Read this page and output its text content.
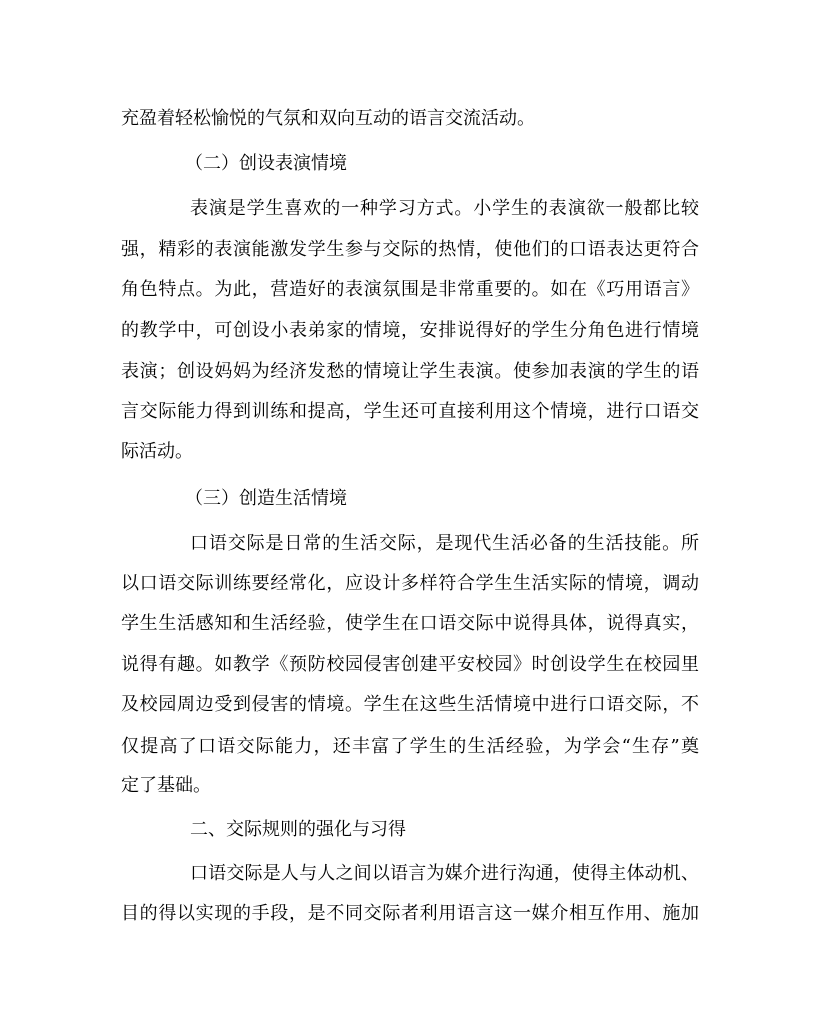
充盈着轻松愉悦的气氛和双向互动的语言交流活动。
（二）创设表演情境
表演是学生喜欢的一种学习方式。小学生的表演欲一般都比较
强，精彩的表演能激发学生参与交际的热情，使他们的口语表达更符合
角色特点。为此，营造好的表演氛围是非常重要的。如在《巧用语言》
的教学中，可创设小表弟家的情境，安排说得好的学生分角色进行情境
表演；创设妈妈为经济发愁的情境让学生表演。使参加表演的学生的语
言交际能力得到训练和提高，学生还可直接利用这个情境，进行口语交
际活动。
（三）创造生活情境
口语交际是日常的生活交际，是现代生活必备的生活技能。所
以口语交际训练要经常化，应设计多样符合学生生活实际的情境，调动
学生生活感知和生活经验，使学生在口语交际中说得具体，说得真实，
说得有趣。如教学《预防校园侵害创建平安校园》时创设学生在校园里
及校园周边受到侵害的情境。学生在这些生活情境中进行口语交际，不
仅提高了口语交际能力，还丰富了学生的生活经验，为学会“生存”奠
定了基础。
二、交际规则的强化与习得
口语交际是人与人之间以语言为媒介进行沟通，使得主体动机、
目的得以实现的手段，是不同交际者利用语言这一媒介相互作用、施加
